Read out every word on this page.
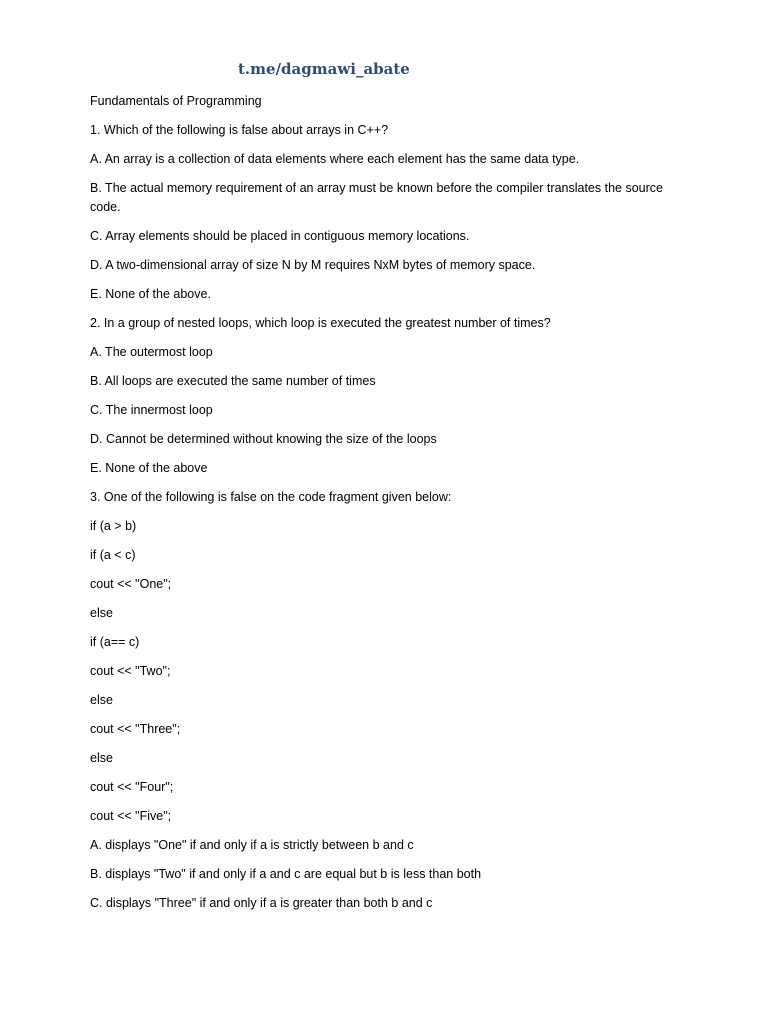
t.me/dagmawi_abate

Fundamentals of Programming

1. Which of the following is false about arrays in C++?

A. An array is a collection of data elements where each element has the same data type.

B. The actual memory requirement of an array must be known before the compiler translates the source code.

C. Array elements should be placed in contiguous memory locations.

D. A two-dimensional array of size N by M requires NxM bytes of memory space.

E. None of the above.

2. In a group of nested loops, which loop is executed the greatest number of times?

A. The outermost loop

B. All loops are executed the same number of times

C. The innermost loop

D. Cannot be determined without knowing the size of the loops

E. None of the above

3. One of the following is false on the code fragment given below:

if (a > b)

if (a < c)

cout << "One";

else

if (a== c)

cout << "Two";

else

cout << "Three";

else

cout << "Four";

cout << "Five";

A. displays "One" if and only if a is strictly between b and c

B. displays "Two" if and only if a and c are equal but b is less than both

C. displays "Three" if and only if a is greater than both b and c
